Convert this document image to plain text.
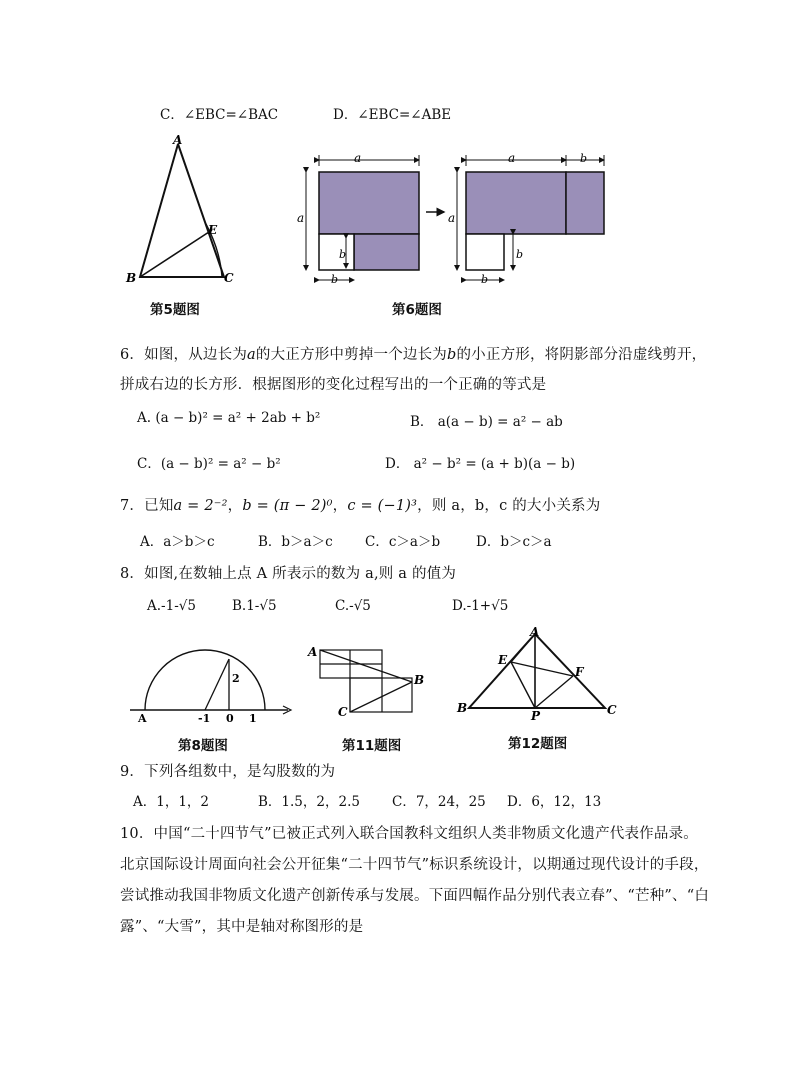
C．∠EBC=∠BAC	D．∠EBC=∠ABE
A
B	C
E
第5题图
a
a
b
b
a	b
a
b
b
第6题图
6．如图，从边长为a的大正方形中剪掉一个边长为b的小正方形，将阴影部分沿虚线剪开，
拼成右边的长方形．根据图形的变化过程写出的一个正确的等式是
A. (a − b)² = a² + 2ab + b²	B． a(a − b) = a² − ab
C．(a − b)² = a² − b²	D． a² − b² = (a + b)(a − b)
7．已知a = 2⁻²，b = (π − 2)⁰，c = (−1)³，则 a，b，c 的大小关系为
A．a＞b＞c	B．b＞a＞c C．c＞a＞b	D．b＞c＞a
8．如图,在数轴上点 A 所表示的数为 a,则 a 的值为
A.-1-√5	B.1-√5	C.-√5	D.-1+√5
A	-1 0 1
2
第8题图
A
B
C
第11题图
A
B	C
E
F
P
第12题图
9．下列各组数中，是勾股数的为
A．1，1，2	B．1.5，2，2.5 C．7，24，25 D．6，12，13
10．中国“二十四节气”已被正式列入联合国教科文组织人类非物质文化遗产代表作品录。
北京国际设计周面向社会公开征集“二十四节气”标识系统设计，以期通过现代设计的手段，
尝试推动我国非物质文化遗产创新传承与发展。下面四幅作品分别代表立春”、“芒种”、“白
露”、“大雪”，其中是轴对称图形的是
